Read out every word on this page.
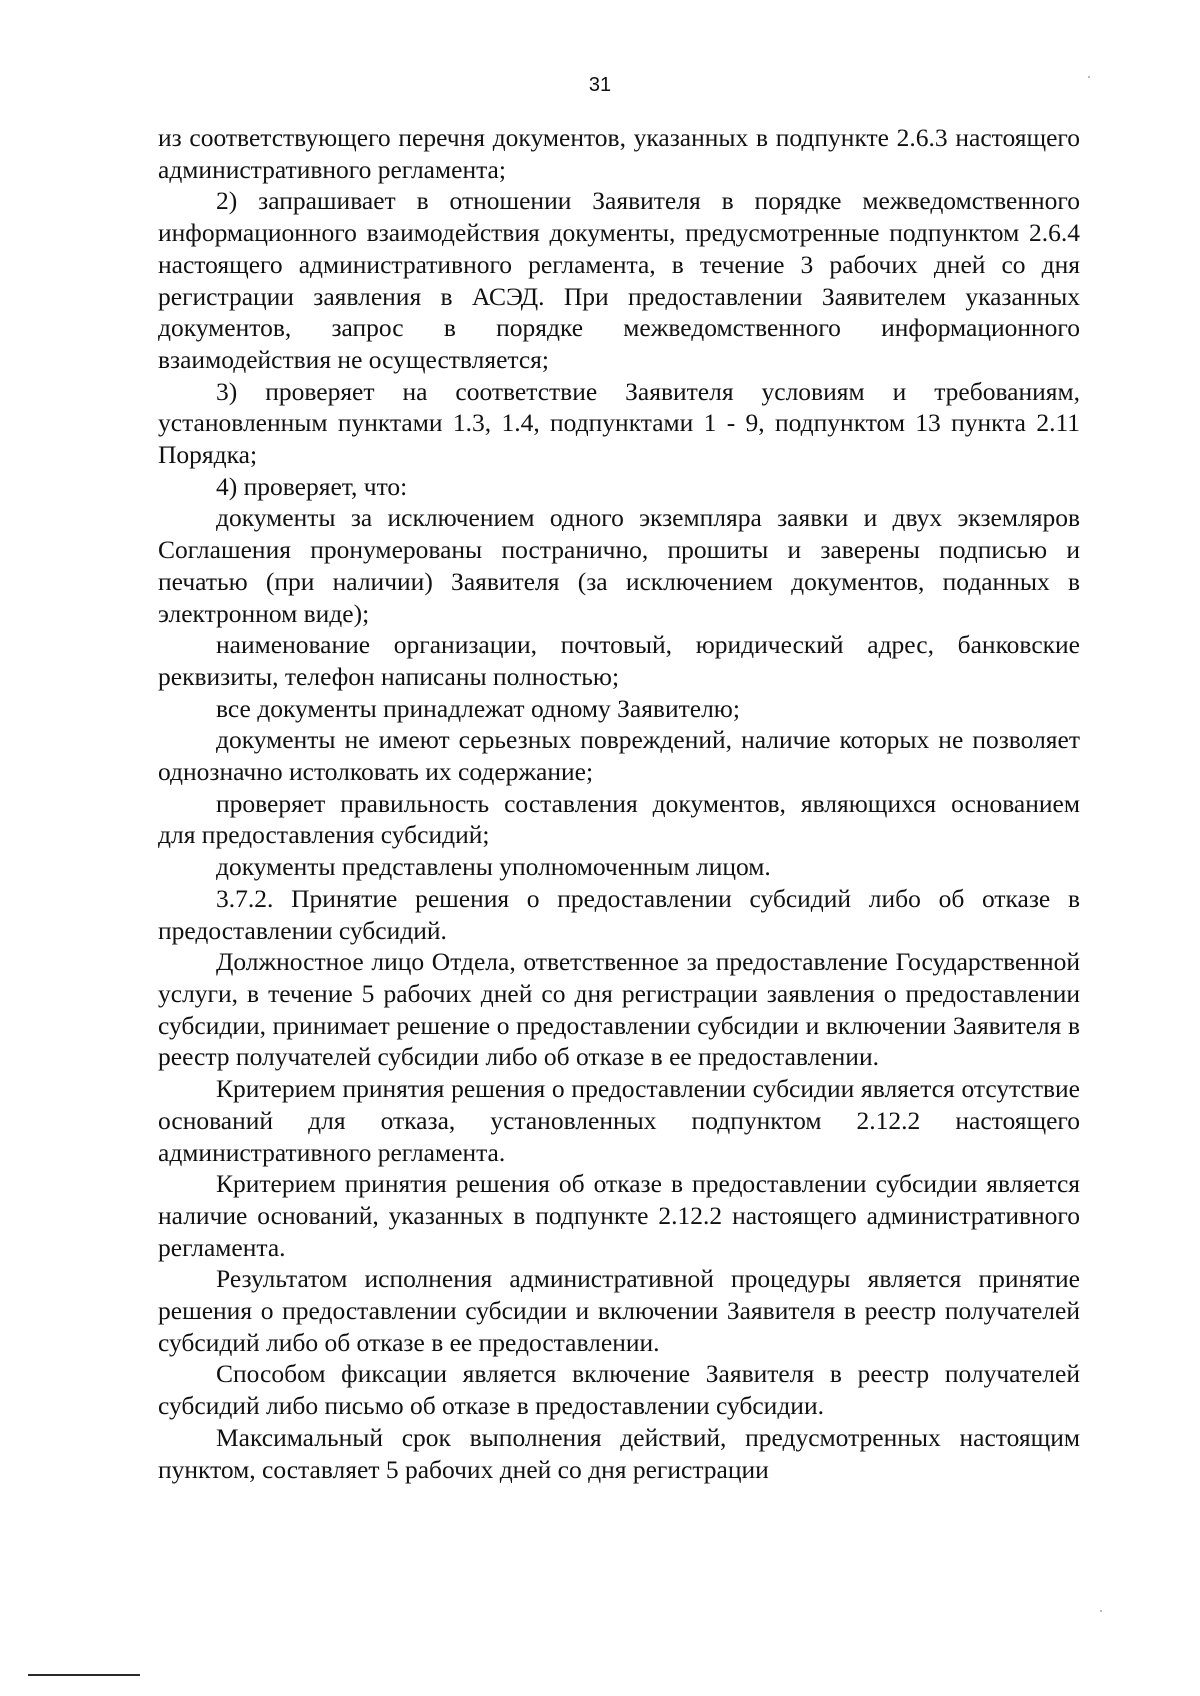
31

из соответствующего перечня документов, указанных в подпункте 2.6.3 настоящего административного регламента;

2) запрашивает в отношении Заявителя в порядке межведомственного информационного взаимодействия документы, предусмотренные подпунктом 2.6.4 настоящего административного регламента, в течение 3 рабочих дней со дня регистрации заявления в АСЭД. При предоставлении Заявителем указанных документов, запрос в порядке межведомственного информационного взаимодействия не осуществляется;

3) проверяет на соответствие Заявителя условиям и требованиям, установленным пунктами 1.3, 1.4, подпунктами 1 - 9, подпунктом 13 пункта 2.11 Порядка;

4) проверяет, что:

документы за исключением одного экземпляра заявки и двух экземляров Соглашения пронумерованы постранично, прошиты и заверены подписью и печатью (при наличии) Заявителя (за исключением документов, поданных в электронном виде);

наименование организации, почтовый, юридический адрес, банковские реквизиты, телефон написаны полностью;

все документы принадлежат одному Заявителю;

документы не имеют серьезных повреждений, наличие которых не позволяет однозначно истолковать их содержание;

проверяет правильность составления документов, являющихся основанием для предоставления субсидий;

документы представлены уполномоченным лицом.

3.7.2. Принятие решения о предоставлении субсидий либо об отказе в предоставлении субсидий.

Должностное лицо Отдела, ответственное за предоставление Государственной услуги, в течение 5 рабочих дней со дня регистрации заявления о предоставлении субсидии, принимает решение о предоставлении субсидии и включении Заявителя в реестр получателей субсидии либо об отказе в ее предоставлении.

Критерием принятия решения о предоставлении субсидии является отсутствие оснований для отказа, установленных подпунктом 2.12.2 настоящего административного регламента.

Критерием принятия решения об отказе в предоставлении субсидии является наличие оснований, указанных в подпункте 2.12.2 настоящего административного регламента.

Результатом исполнения административной процедуры является принятие решения о предоставлении субсидии и включении Заявителя в реестр получателей субсидий либо об отказе в ее предоставлении.

Способом фиксации является включение Заявителя в реестр получателей субсидий либо письмо об отказе в предоставлении субсидии.

Максимальный срок выполнения действий, предусмотренных настоящим пунктом, составляет 5 рабочих дней со дня регистрации
